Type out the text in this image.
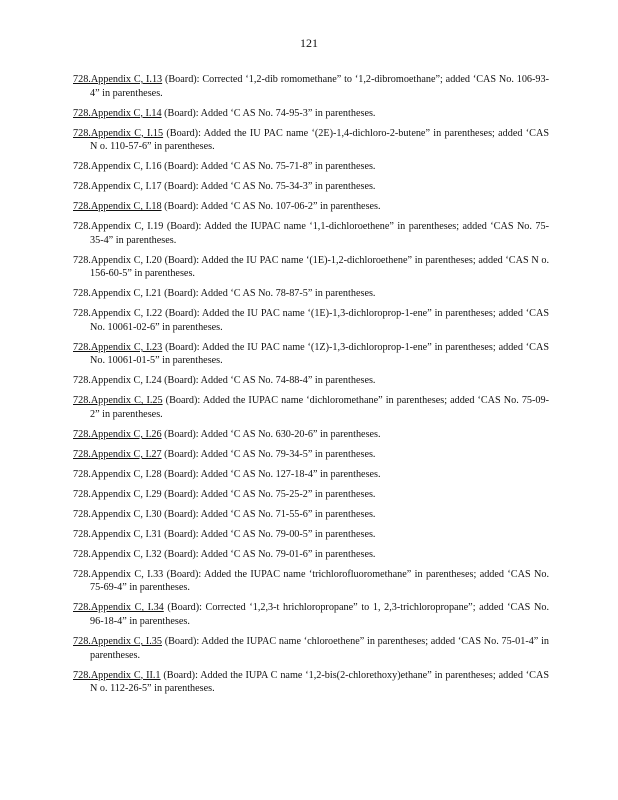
121
728.Appendix C, I.13 (Board): Corrected ‘1,2-dib romomethane” to ‘1,2-dibromoethane”; added ‘CAS No. 106-93-4” in parentheses.
728.Appendix C, I.14 (Board): Added ‘C AS No. 74-95-3” in parentheses.
728.Appendix C, I.15 (Board): Added the IU PAC name ‘(2E)-1,4-dichloro-2-butene” in parentheses; added ‘CAS N o. 110-57-6” in parentheses.
728.Appendix C, I.16 (Board): Added ‘C AS No. 75-71-8” in parentheses.
728.Appendix C, I.17 (Board): Added ‘C AS No. 75-34-3” in parentheses.
728.Appendix C, I.18 (Board): Added ‘C AS No. 107-06-2” in parentheses.
728.Appendix C, I.19 (Board): Added the IUPAC name ‘1,1-dichloroethene” in parentheses; added ‘CAS No. 75-35-4” in parentheses.
728.Appendix C, I.20 (Board): Added the IU PAC name ‘(1E)-1,2-dichloroethene” in parentheses; added ‘CAS N o. 156-60-5” in parentheses.
728.Appendix C, I.21 (Board): Added ‘C AS No. 78-87-5” in parentheses.
728.Appendix C, I.22 (Board): Added the IU PAC name ‘(1E)-1,3-dichloroprop-1-ene” in parentheses; added ‘CAS No. 10061-02-6” in parentheses.
728.Appendix C, I.23 (Board): Added the IU PAC name ‘(1Z)-1,3-dichloroprop-1-ene” in parentheses; added ‘CAS No. 10061-01-5” in parentheses.
728.Appendix C, I.24 (Board): Added ‘C AS No. 74-88-4” in parentheses.
728.Appendix C, I.25 (Board): Added the IUPAC name ‘dichloromethane” in parentheses; added ‘CAS No. 75-09-2” in parentheses.
728.Appendix C, I.26 (Board): Added ‘C AS No. 630-20-6” in parentheses.
728.Appendix C, I.27 (Board): Added ‘C AS No. 79-34-5” in parentheses.
728.Appendix C, I.28 (Board): Added ‘C AS No. 127-18-4” in parentheses.
728.Appendix C, I.29 (Board): Added ‘C AS No. 75-25-2” in parentheses.
728.Appendix C, I.30 (Board): Added ‘C AS No. 71-55-6” in parentheses.
728.Appendix C, I.31 (Board): Added ‘C AS No. 79-00-5” in parentheses.
728.Appendix C, I.32 (Board): Added ‘C AS No. 79-01-6” in parentheses.
728.Appendix C, I.33 (Board): Added the IUPAC name ‘trichlorofluoromethane” in parentheses; added ‘CAS No. 75-69-4” in parentheses.
728.Appendix C, I.34 (Board): Corrected ‘1,2,3-t hrichloropropane” to 1, 2,3-trichloropropane”; added ‘CAS No. 96-18-4” in parentheses.
728.Appendix C, I.35 (Board): Added the IUPAC name ‘chloroethene” in parentheses; added ‘CAS No. 75-01-4” in parentheses.
728.Appendix C, II.1 (Board): Added the IUPA C name ‘1,2-bis(2-chlorethoxy)ethane” in parentheses; added ‘CAS N o. 112-26-5” in parentheses.
